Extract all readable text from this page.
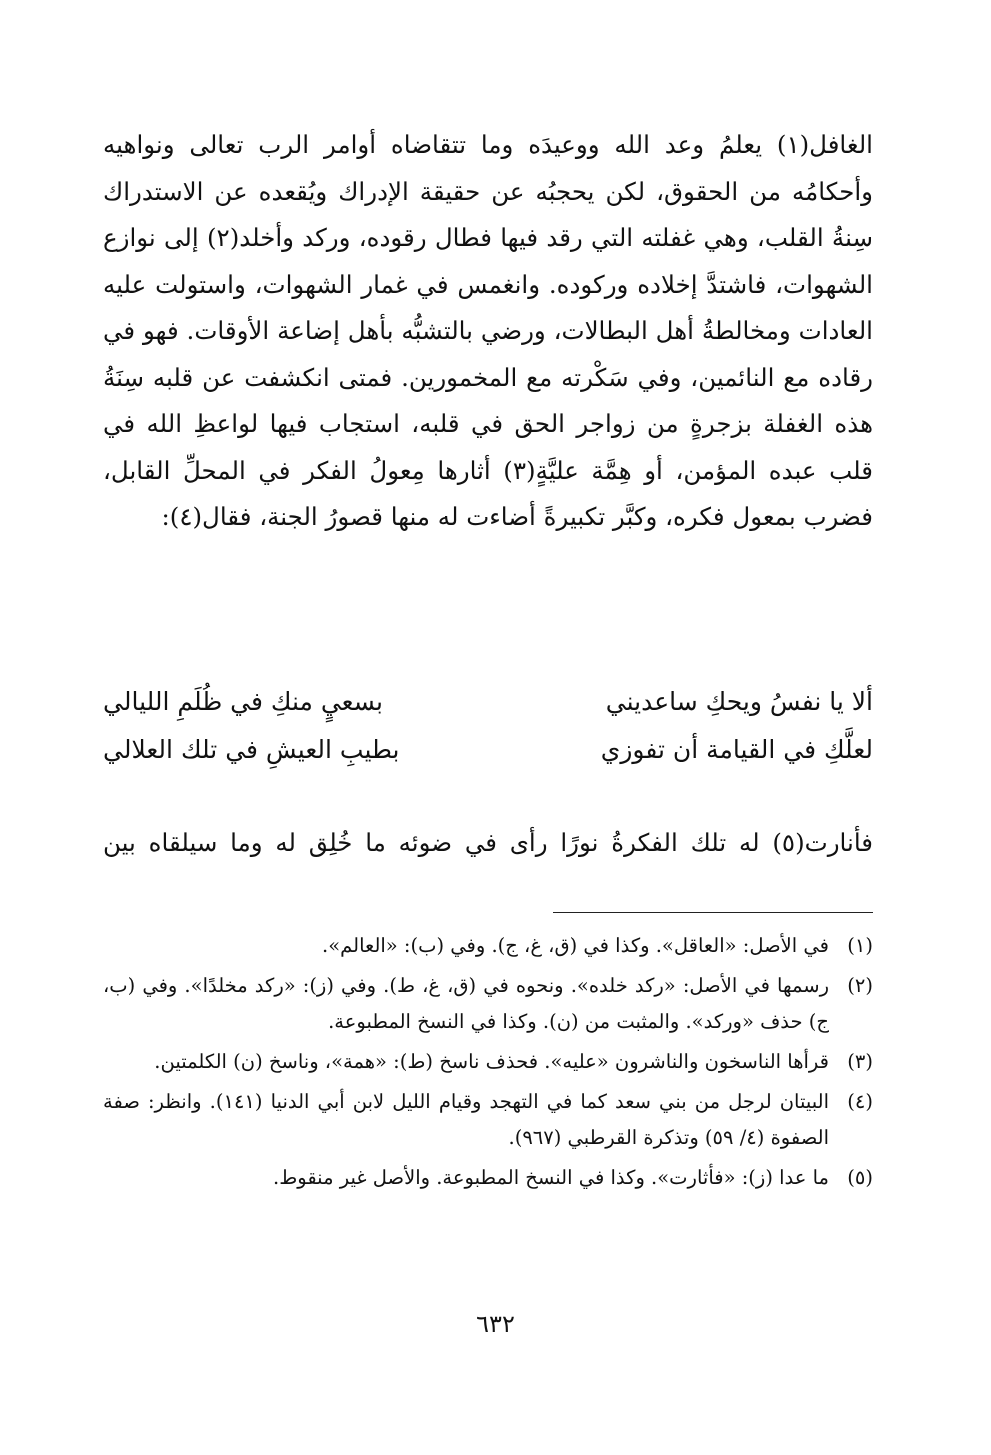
الغافل(١) يعلمُ وعد الله ووعيدَه وما تتقاضاه أوامر الرب تعالى ونواهيه وأحكامُه من الحقوق، لكن يحجبُه عن حقيقة الإدراك ويُقعده عن الاستدراك سِنةُ القلب، وهي غفلته التي رقد فيها فطال رقوده، وركد وأخلد(٢) إلى نوازع الشهوات، فاشتدَّ إخلاده وركوده. وانغمس في غمار الشهوات، واستولت عليه العادات ومخالطةُ أهل البطالات، ورضي بالتشبُّه بأهل إضاعة الأوقات. فهو في رقاده مع النائمين، وفي سَكْرته مع المخمورين. فمتى انكشفت عن قلبه سِنَةُ هذه الغفلة بزجرةٍ من زواجر الحق في قلبه، استجاب فيها لواعظِ الله في قلب عبده المؤمن، أو هِمَّة عليَّةٍ(٣) أثارها مِعولُ الفكر في المحلِّ القابل، فضرب بمعول فكره، وكبَّر تكبيرةً أضاءت له منها قصورُ الجنة، فقال(٤):

ألا يا نفسُ ويحكِ ساعديني
بسعيٍ منكِ في ظُلَمِ الليالي
لعلَّكِ في القيامة أن تفوزي
بطيبِ العيشِ في تلك العلالي

فأنارت(٥) له تلك الفكرةُ نورًا رأى في ضوئه ما خُلِق له وما سيلقاه بين

(١)
في الأصل: «العاقل». وكذا في (ق، غ، ج). وفي (ب): «العالم».
(٢)
رسمها في الأصل: «ركد خلده». ونحوه في (ق، غ، ط). وفي (ز): «ركد مخلدًا». وفي (ب، ج) حذف «وركد». والمثبت من (ن). وكذا في النسخ المطبوعة.
(٣)
قرأها الناسخون والناشرون «عليه». فحذف ناسخ (ط): «همة»، وناسخ (ن) الكلمتين.
(٤)
البيتان لرجل من بني سعد كما في التهجد وقيام الليل لابن أبي الدنيا (١٤١). وانظر: صفة الصفوة (٤/ ٥٩) وتذكرة القرطبي (٩٦٧).
(٥)
ما عدا (ز): «فأثارت». وكذا في النسخ المطبوعة. والأصل غير منقوط.
٦٣٢
